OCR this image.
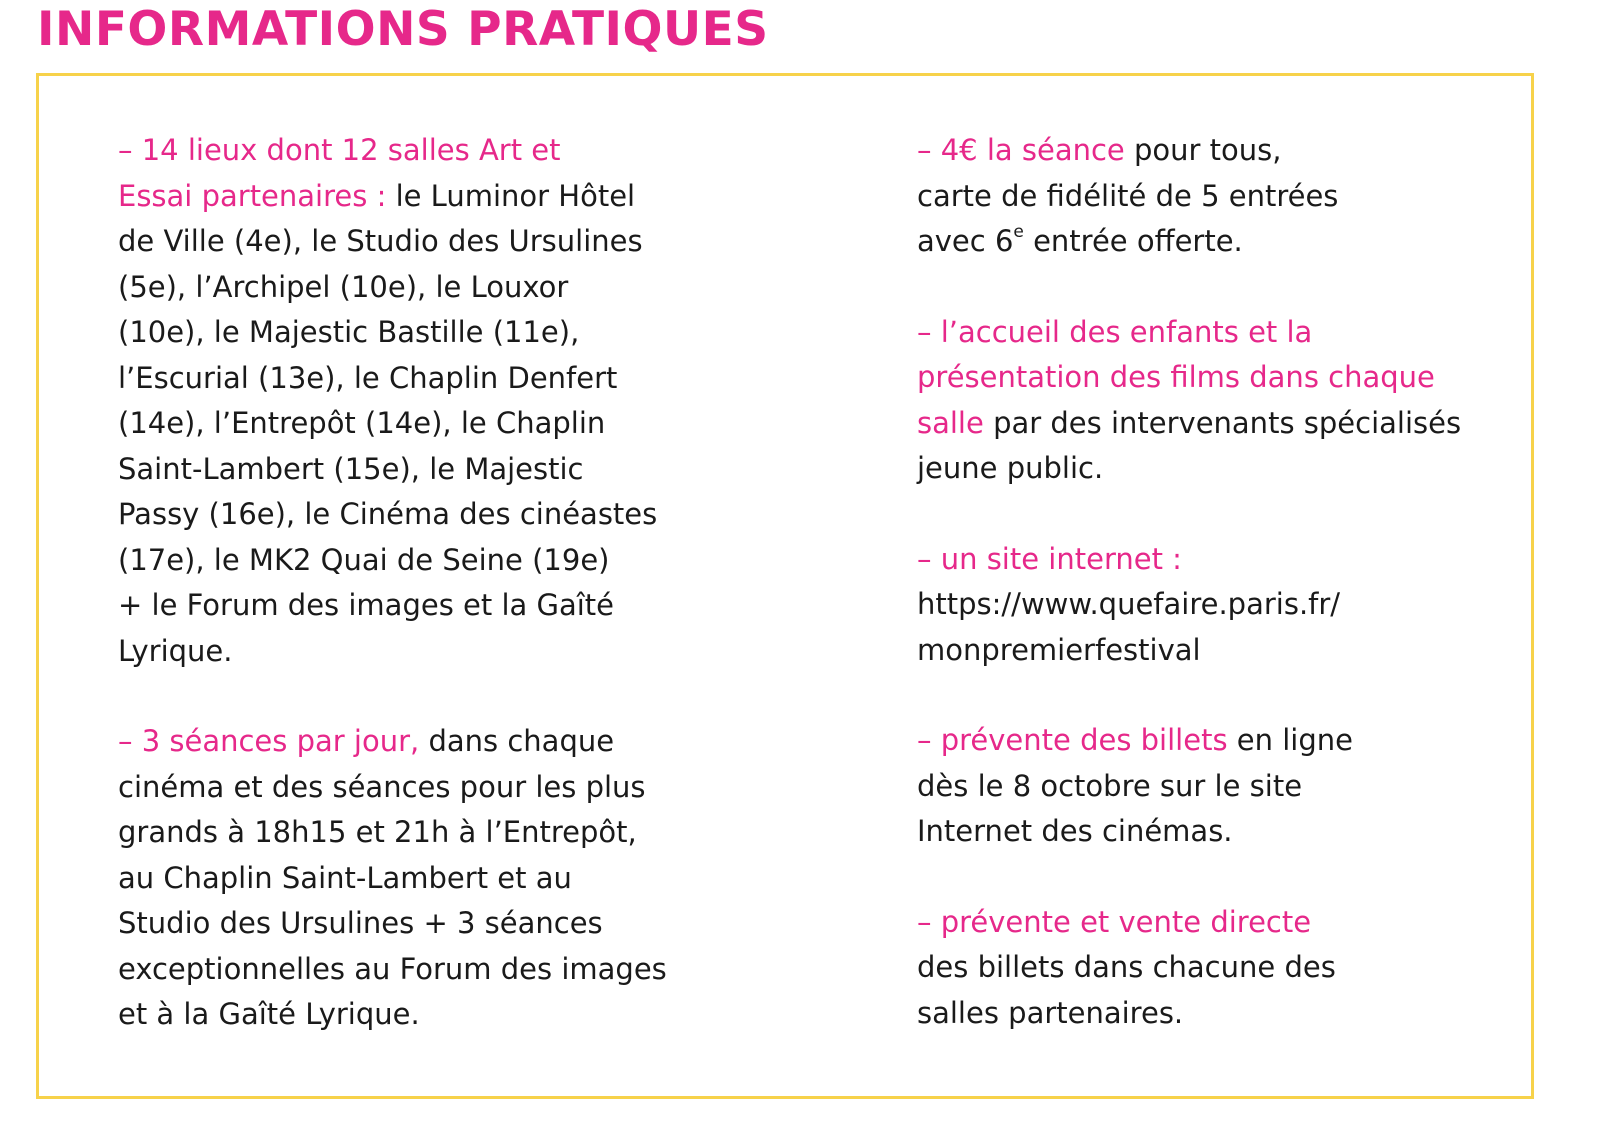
INFORMATIONS PRATIQUES

– 14 lieux dont 12 salles Art et
Essai partenaires : le Luminor Hôtel
de Ville (4e), le Studio des Ursulines
(5e), l’Archipel (10e), le Louxor
(10e), le Majestic Bastille (11e),
l’Escurial (13e), le Chaplin Denfert
(14e), l’Entrepôt (14e), le Chaplin
Saint-Lambert (15e), le Majestic
Passy (16e), le Cinéma des cinéastes
(17e), le MK2 Quai de Seine (19e)
+ le Forum des images et la Gaîté
Lyrique.

– 3 séances par jour, dans chaque
cinéma et des séances pour les plus
grands à 18h15 et 21h à l’Entrepôt,
au Chaplin Saint-Lambert et au
Studio des Ursulines + 3 séances
exceptionnelles au Forum des images
et à la Gaîté Lyrique.

– 4€ la séance pour tous,
carte de fidélité de 5 entrées
avec 6e entrée offerte.

– l’accueil des enfants et la
présentation des films dans chaque
salle par des intervenants spécialisés
jeune public.

– un site internet :
https://www.quefaire.paris.fr/
monpremierfestival

– prévente des billets en ligne
dès le 8 octobre sur le site
Internet des cinémas.

– prévente et vente directe
des billets dans chacune des
salles partenaires.
